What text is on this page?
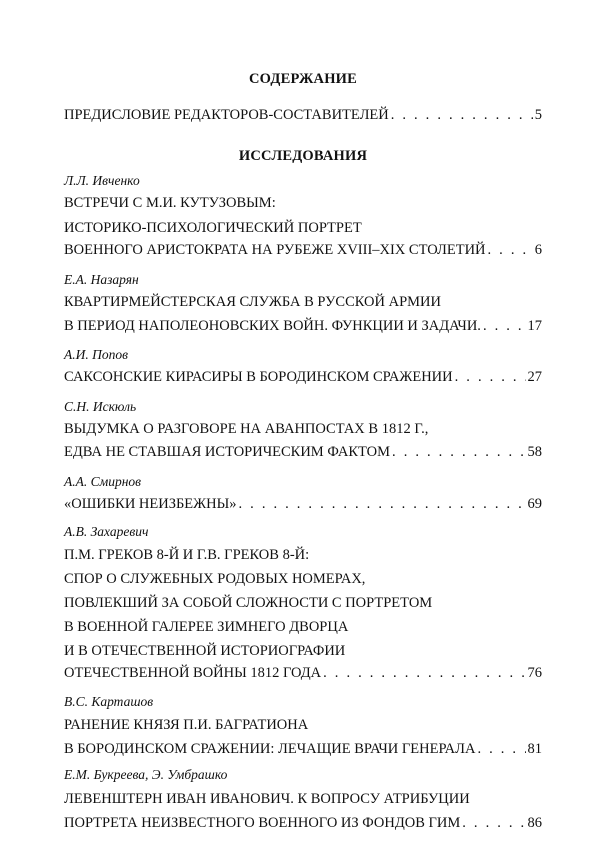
СОДЕРЖАНИЕ
ПРЕДИСЛОВИЕ РЕДАКТОРОВ-СОСТАВИТЕЛЕЙ . . .	5
ИССЛЕДОВАНИЯ
Л.Л. Ивченко
ВСТРЕЧИ С М.И. КУТУЗОВЫМ:
ИСТОРИКО-ПСИХОЛОГИЧЕСКИЙ ПОРТРЕТ
ВОЕННОГО АРИСТОКРАТА НА РУБЕЖЕ XVIII–XIX СТОЛЕТИЙ . . .	6
Е.А. Назарян
КВАРТИРМЕЙСТЕРСКАЯ СЛУЖБА В РУССКОЙ АРМИИ
В ПЕРИОД НАПОЛЕОНОВСКИХ ВОЙН. ФУНКЦИИ И ЗАДАЧИ. . . .	17
А.И. Попов
САКСОНСКИЕ КИРАСИРЫ В БОРОДИНСКОМ СРАЖЕНИИ . . .	27
С.Н. Искюль
ВЫДУМКА О РАЗГОВОРЕ НА АВАНПОСТАХ В 1812 Г.,
ЕДВА НЕ СТАВШАЯ ИСТОРИЧЕСКИМ ФАКТОМ . . .	58
А.А. Смирнов
«ОШИБКИ НЕИЗБЕЖНЫ» . . .	69
А.В. Захаревич
П.М. ГРЕКОВ 8-Й И Г.В. ГРЕКОВ 8-Й:
СПОР О СЛУЖЕБНЫХ РОДОВЫХ НОМЕРАХ,
ПОВЛЕКШИЙ ЗА СОБОЙ СЛОЖНОСТИ С ПОРТРЕТОМ
В ВОЕННОЙ ГАЛЕРЕЕ ЗИМНЕГО ДВОРЦА
И В ОТЕЧЕСТВЕННОЙ ИСТОРИОГРАФИИ
ОТЕЧЕСТВЕННОЙ ВОЙНЫ 1812 ГОДА . . .	76
В.С. Карташов
РАНЕНИЕ КНЯЗЯ П.И. БАГРАТИОНА
В БОРОДИНСКОМ СРАЖЕНИИ: ЛЕЧАЩИЕ ВРАЧИ ГЕНЕРАЛА . . .	81
Е.М. Букреева, Э. Умбрашко
ЛЕВЕНШТЕРН ИВАН ИВАНОВИЧ. К ВОПРОСУ АТРИБУЦИИ
ПОРТРЕТА НЕИЗВЕСТНОГО ВОЕННОГО ИЗ ФОНДОВ ГИМ . . .	86
